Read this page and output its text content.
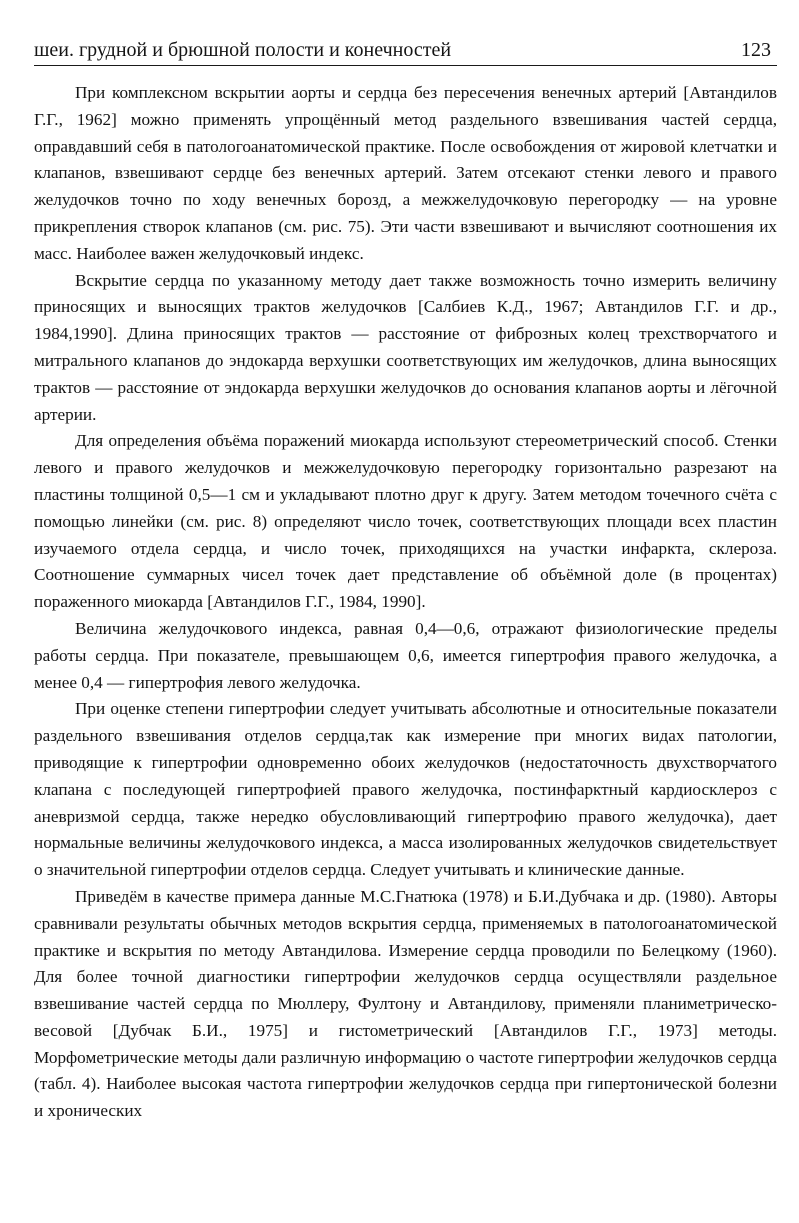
шеи. грудной и брюшной полости и конечностей	123

При комплексном вскрытии аорты и сердца без пересечения венечных артерий [Автандилов Г.Г., 1962] можно применять упрощённый метод раздельного взвешивания частей сердца, оправдавший себя в патологоанатомической практике. После освобождения от жировой клетчатки и клапанов, взвешивают сердце без венечных артерий. Затем отсекают стенки левого и правого желудочков точно по ходу венечных борозд, а межжелудочковую перегородку — на уровне прикрепления створок клапанов (см. рис. 75). Эти части взвешивают и вычисляют соотношения их масс. Наиболее важен желудочковый индекс.

Вскрытие сердца по указанному методу дает также возможность точно измерить величину приносящих и выносящих трактов желудочков [Салбиев К.Д., 1967; Автандилов Г.Г. и др., 1984,1990]. Длина приносящих трактов — расстояние от фиброзных колец трехстворчатого и митрального клапанов до эндокарда верхушки соответствующих им желудочков, длина выносящих трактов — расстояние от эндокарда верхушки желудочков до основания клапанов аорты и лёгочной артерии.

Для определения объёма поражений миокарда используют стереометрический способ. Стенки левого и правого желудочков и межжелудочковую перегородку горизонтально разрезают на пластины толщиной 0,5—1 см и укладывают плотно друг к другу. Затем методом точечного счёта с помощью линейки (см. рис. 8) определяют число точек, соответствующих площади всех пластин изучаемого отдела сердца, и число точек, приходящихся на участки инфаркта, склероза. Соотношение суммарных чисел точек дает представление об объёмной доле (в процентах) пораженного миокарда [Автандилов Г.Г., 1984, 1990].

Величина желудочкового индекса, равная 0,4—0,6, отражают физиологические пределы работы сердца. При показателе, превышающем 0,6, имеется гипертрофия правого желудочка, а менее 0,4 — гипертрофия левого желудочка.

При оценке степени гипертрофии следует учитывать абсолютные и относительные показатели раздельного взвешивания отделов сердца,так как измерение при многих видах патологии, приводящие к гипертрофии одновременно обоих желудочков (недостаточность двухстворчатого клапана с последующей гипертрофией правого желудочка, постинфарктный кардиосклероз с аневризмой сердца, также нередко обусловливающий гипертрофию правого желудочка), дает нормальные величины желудочкового индекса, а масса изолированных желудочков свидетельствует о значительной гипертрофии отделов сердца. Следует учитывать и клинические данные.

Приведём в качестве примера данные М.С.Гнатюка (1978) и Б.И.Дубчака и др. (1980). Авторы сравнивали результаты обычных методов вскрытия сердца, применяемых в патологоанатомической практике и вскрытия по методу Автандилова. Измерение сердца проводили по Белецкому (1960). Для более точной диагностики гипертрофии желудочков сердца осуществляли раздельное взвешивание частей сердца по Мюллеру, Фултону и Автандилову, применяли планиметрическо-весовой [Дубчак Б.И., 1975] и гистометрический [Автандилов Г.Г., 1973] методы. Морфометрические методы дали различную информацию о частоте гипертрофии желудочков сердца (табл. 4). Наиболее высокая частота гипертрофии желудочков сердца при гипертонической болезни и хронических
